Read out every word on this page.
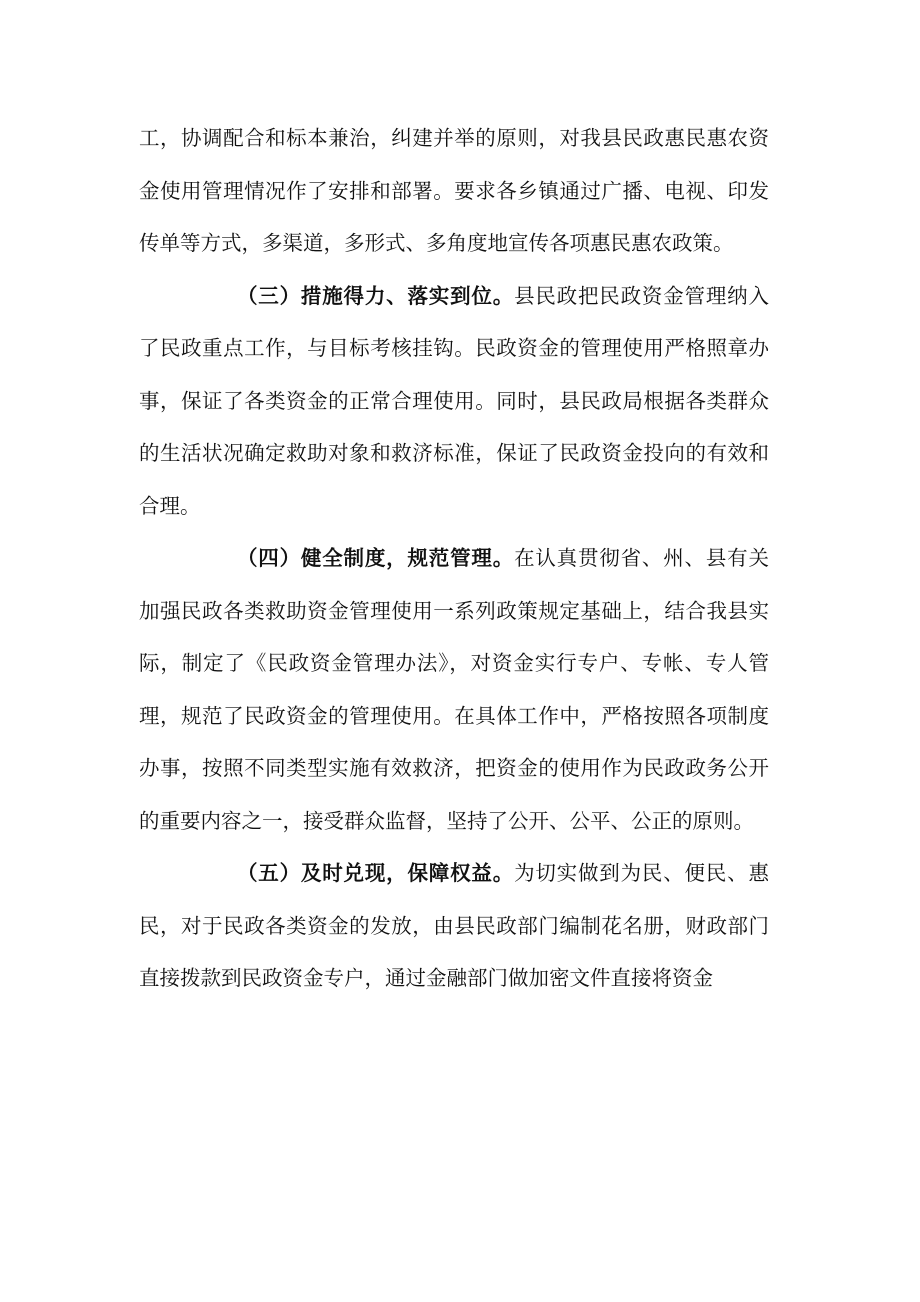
工，协调配合和标本兼治，纠建并举的原则，对我县民政惠民惠农资金使用管理情况作了安排和部署。要求各乡镇通过广播、电视、印发传单等方式，多渠道，多形式、多角度地宣传各项惠民惠农政策。

（三）措施得力、落实到位。县民政把民政资金管理纳入了民政重点工作，与目标考核挂钩。民政资金的管理使用严格照章办事，保证了各类资金的正常合理使用。同时，县民政局根据各类群众的生活状况确定救助对象和救济标准，保证了民政资金投向的有效和合理。

（四）健全制度，规范管理。在认真贯彻省、州、县有关加强民政各类救助资金管理使用一系列政策规定基础上，结合我县实际，制定了《民政资金管理办法》，对资金实行专户、专帐、专人管理，规范了民政资金的管理使用。在具体工作中，严格按照各项制度办事，按照不同类型实施有效救济，把资金的使用作为民政政务公开的重要内容之一，接受群众监督，坚持了公开、公平、公正的原则。

（五）及时兑现，保障权益。为切实做到为民、便民、惠民，对于民政各类资金的发放，由县民政部门编制花名册，财政部门直接拨款到民政资金专户，通过金融部门做加密文件直接将资金
